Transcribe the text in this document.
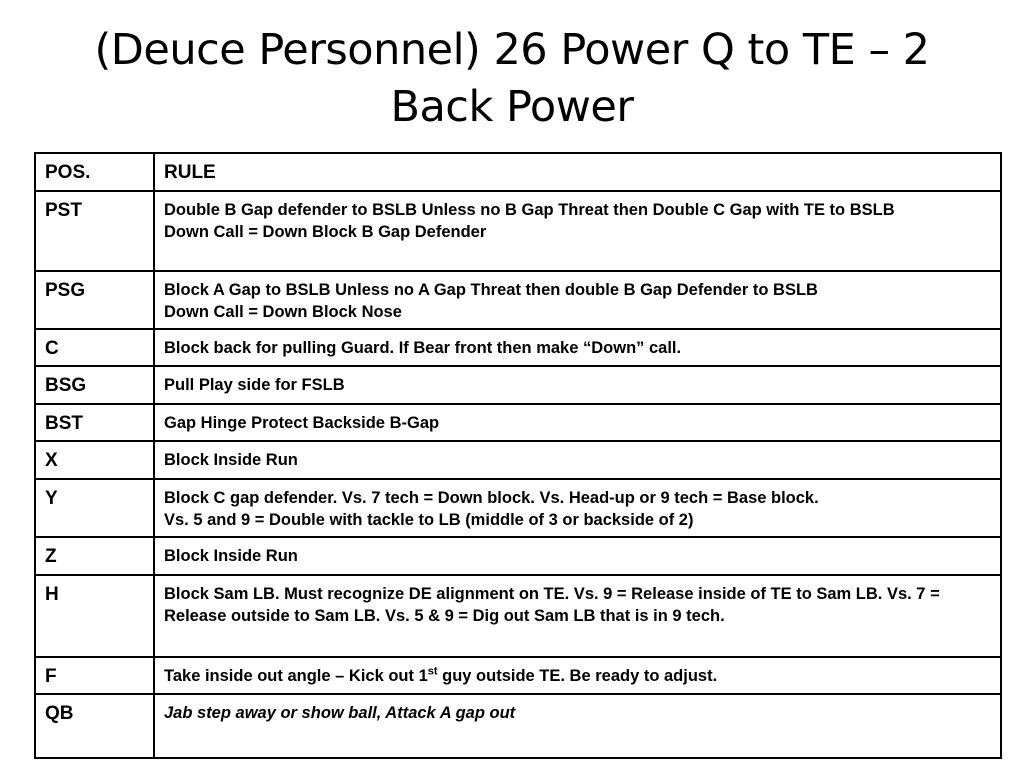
(Deuce Personnel) 26 Power Q to TE – 2
Back Power
POS.	RULE
PST	Double B Gap defender to BSLB Unless no B Gap Threat then Double C Gap with TE to BSLB
Down Call = Down Block B Gap Defender

PSG	Block A Gap to BSLB Unless no A Gap Threat then double B Gap Defender to BSLB
Down Call = Down Block Nose

C	Block back for pulling Guard. If Bear front then make “Down” call.

BSG	Pull Play side for FSLB

BST	Gap Hinge Protect Backside B-Gap

X	Block Inside Run

Y	Block C gap defender. Vs. 7 tech = Down block. Vs. Head-up or 9 tech = Base block.
Vs. 5 and 9 = Double with tackle to LB (middle of 3 or backside of 2)

Z	Block Inside Run

H	Block Sam LB. Must recognize DE alignment on TE. Vs. 9 = Release inside of TE to Sam LB. Vs. 7 = Release outside to Sam LB. Vs. 5 & 9 = Dig out Sam LB that is in 9 tech.

F	Take inside out angle – Kick out 1st guy outside TE. Be ready to adjust.

QB	Jab step away or show ball, Attack A gap out
